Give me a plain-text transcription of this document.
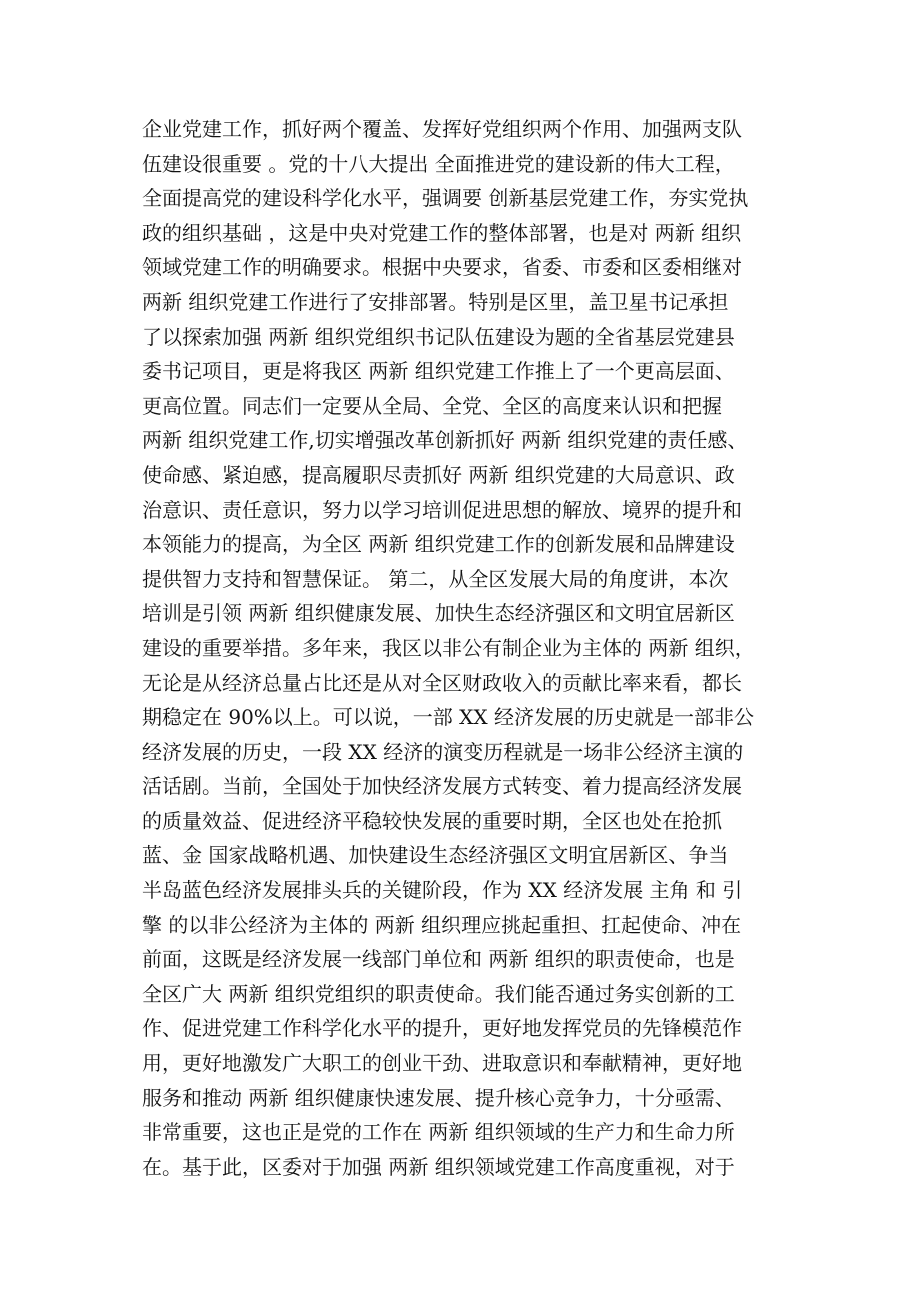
企业党建工作，抓好两个覆盖、发挥好党组织两个作用、加强两支队
伍建设很重要 。党的十八大提出 全面推进党的建设新的伟大工程，
全面提高党的建设科学化水平，强调要 创新基层党建工作，夯实党执
政的组织基础 ，这是中央对党建工作的整体部署，也是对 两新 组织
领域党建工作的明确要求。根据中央要求，省委、市委和区委相继对
两新 组织党建工作进行了安排部署。特别是区里，盖卫星书记承担
了以探索加强 两新 组织党组织书记队伍建设为题的全省基层党建县
委书记项目，更是将我区 两新 组织党建工作推上了一个更高层面、
更高位置。同志们一定要从全局、全党、全区的高度来认识和把握
两新 组织党建工作,切实增强改革创新抓好 两新 组织党建的责任感、
使命感、紧迫感，提高履职尽责抓好 两新 组织党建的大局意识、政
治意识、责任意识，努力以学习培训促进思想的解放、境界的提升和
本领能力的提高，为全区 两新 组织党建工作的创新发展和品牌建设
提供智力支持和智慧保证。 第二，从全区发展大局的角度讲，本次
培训是引领 两新 组织健康发展、加快生态经济强区和文明宜居新区
建设的重要举措。多年来，我区以非公有制企业为主体的 两新 组织，
无论是从经济总量占比还是从对全区财政收入的贡献比率来看，都长
期稳定在 90%以上。可以说，一部 XX 经济发展的历史就是一部非公
经济发展的历史，一段 XX 经济的演变历程就是一场非公经济主演的
活话剧。当前，全国处于加快经济发展方式转变、着力提高经济发展
的质量效益、促进经济平稳较快发展的重要时期，全区也处在抢抓
蓝、金 国家战略机遇、加快建设生态经济强区文明宜居新区、争当
半岛蓝色经济发展排头兵的关键阶段，作为 XX 经济发展 主角 和 引
擎 的以非公经济为主体的 两新 组织理应挑起重担、扛起使命、冲在
前面，这既是经济发展一线部门单位和 两新 组织的职责使命，也是
全区广大 两新 组织党组织的职责使命。我们能否通过务实创新的工
作、促进党建工作科学化水平的提升，更好地发挥党员的先锋模范作
用，更好地激发广大职工的创业干劲、进取意识和奉献精神，更好地
服务和推动 两新 组织健康快速发展、提升核心竞争力，十分亟需、
非常重要，这也正是党的工作在 两新 组织领域的生产力和生命力所
在。基于此，区委对于加强 两新 组织领域党建工作高度重视，对于
